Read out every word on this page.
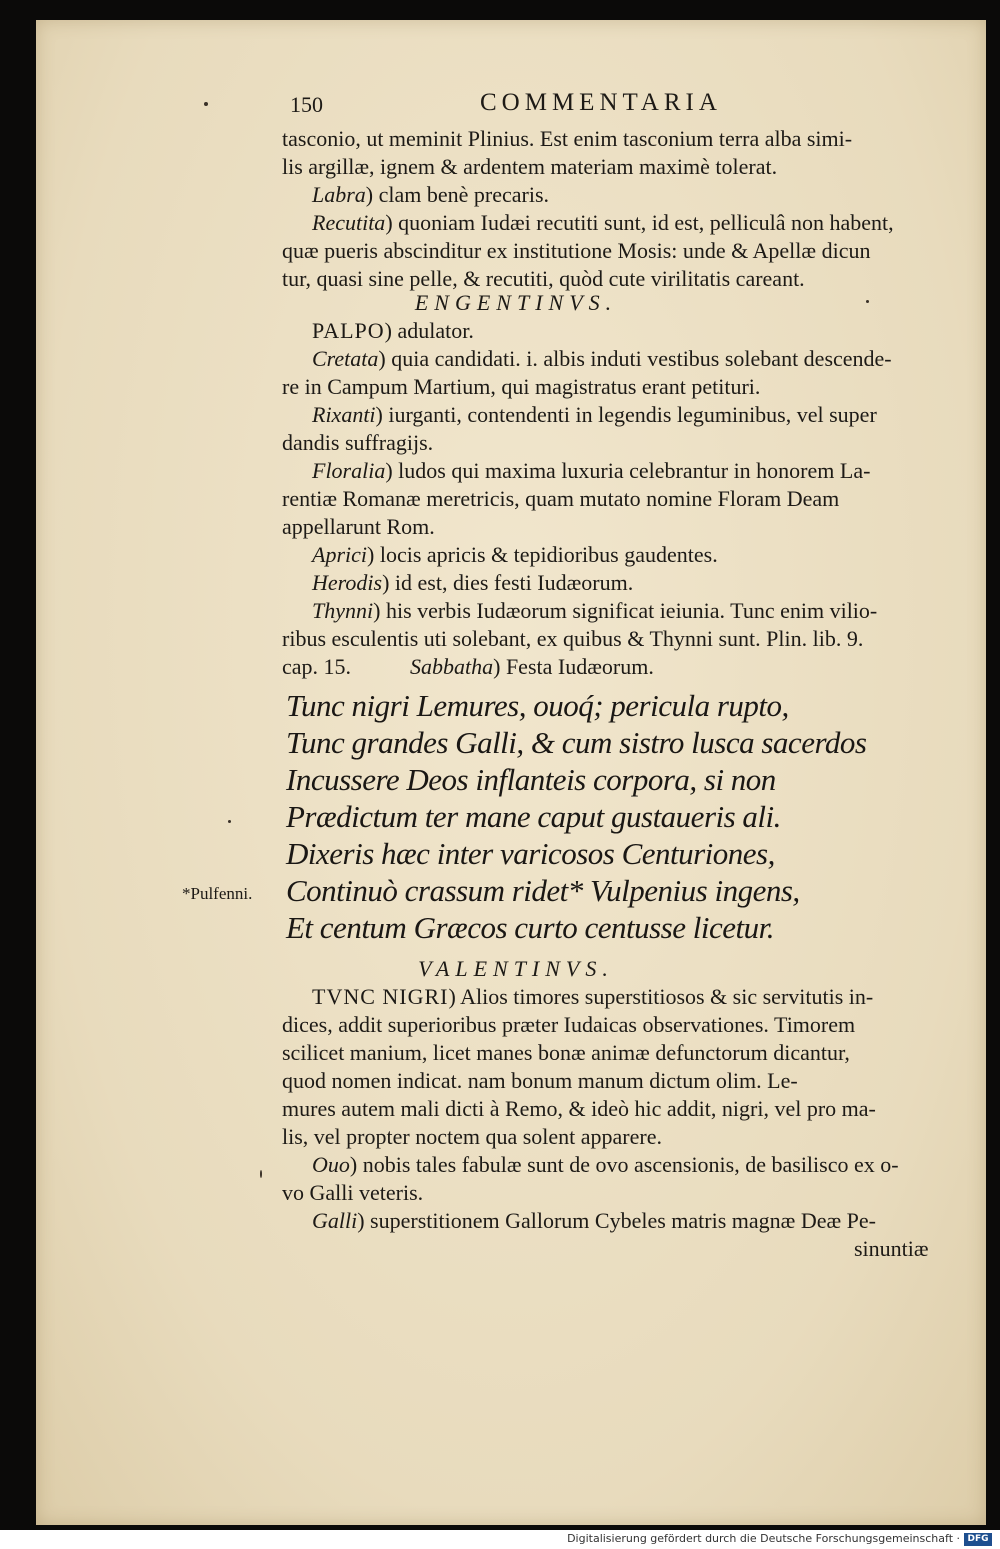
150	COMMENTARIA
tasconio, ut meminit Plinius. Est enim tasconium terra alba simi-
lis argillæ, ignem & ardentem materiam maximè tolerat.
Labra) clam benè precaris.
Recutita) quoniam Iudæi recutiti sunt, id est, pelliculâ non habent,
quæ pueris abscinditur ex institutione Mosis: unde & Apellæ dicun
tur, quasi sine pelle, & recutiti, quòd cute virilitatis careant.
ENGENTINVS.
PALPO) adulator.
Cretata) quia candidati. i. albis induti vestibus solebant descende-
re in Campum Martium, qui magistratus erant petituri.
Rixanti) iurganti, contendenti in legendis leguminibus, vel super
dandis suffragijs.
Floralia) ludos qui maxima luxuria celebrantur in honorem La-
rentiæ Romanæ meretricis, quam mutato nomine Floram Deam
appellarunt Rom.
Aprici) locis apricis & tepidioribus gaudentes.
Herodis) id est, dies festi Iudæorum.
Thynni) his verbis Iudæorum significat ieiunia. Tunc enim vilio-
ribus esculentis uti solebant, ex quibus & Thynni sunt. Plin. lib. 9.
cap. 15.	Sabbatha) Festa Iudæorum.
Tunc nigri Lemures, ouoq́; pericula rupto,
Tunc grandes Galli, & cum sistro lusca sacerdos
Incussere Deos inflanteis corpora, si non
Prædictum ter mane caput gustaueris ali.
Dixeris hæc inter varicosos Centuriones,
Continuò crassum ridet* Vulpenius ingens,
Et centum Græcos curto centusse licetur.
*Pulfenni.
VALENTINVS.
TVNC NIGRI) Alios timores superstitiosos & sic servitutis in-
dices, addit superioribus præter Iudaicas observationes. Timorem
scilicet manium, licet manes bonæ animæ defunctorum dicantur,
quod nomen indicat. nam bonum manum dictum olim. Le-
mures autem mali dicti à Remo, & ideò hic addit, nigri, vel pro ma-
lis, vel propter noctem qua solent apparere.
Ouo) nobis tales fabulæ sunt de ovo ascensionis, de basilisco ex o-
vo Galli veteris.
Galli) superstitionem Gallorum Cybeles matris magnæ Deæ Pe-
sinuntiæ
Digitalisierung gefördert durch die Deutsche Forschungsgemeinschaft · DFG
